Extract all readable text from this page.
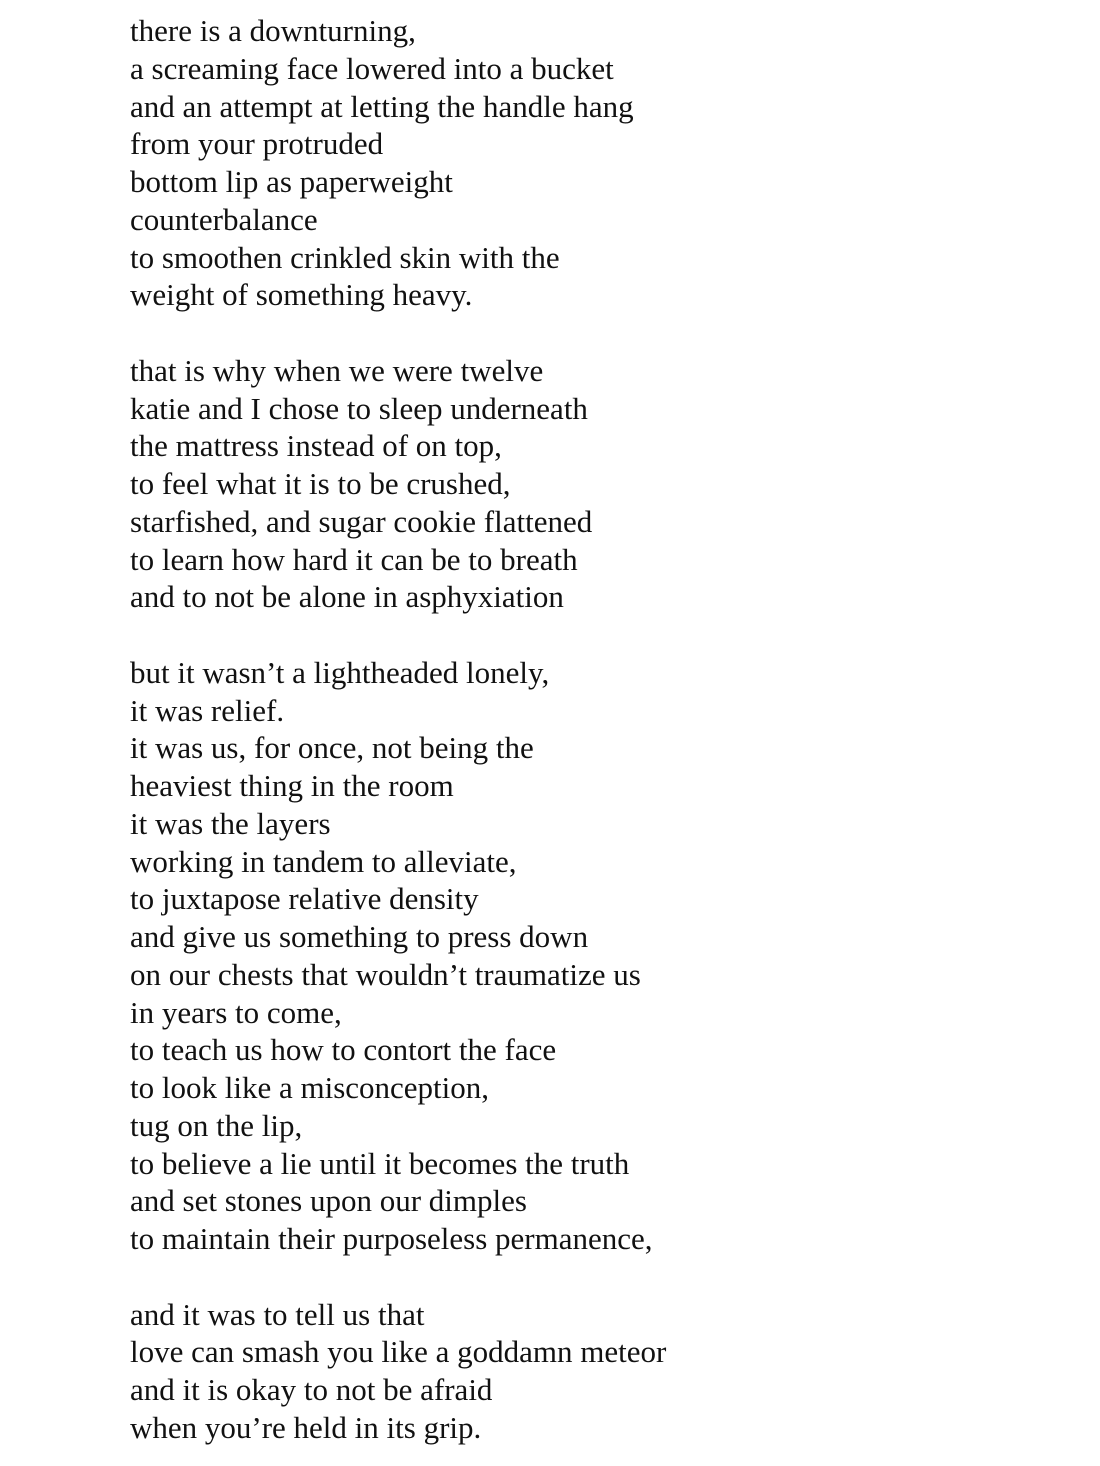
there is a downturning,
a screaming face lowered into a bucket
and an attempt at letting the handle hang
from your protruded
bottom lip as paperweight
counterbalance
to smoothen crinkled skin with the
weight of something heavy.
that is why when we were twelve
katie and I chose to sleep underneath
the mattress instead of on top,
to feel what it is to be crushed,
starfished, and sugar cookie flattened
to learn how hard it can be to breath
and to not be alone in asphyxiation
but it wasn’t a lightheaded lonely,
it was relief.
it was us, for once, not being the
heaviest thing in the room
it was the layers
working in tandem to alleviate,
to juxtapose relative density
and give us something to press down
on our chests that wouldn’t traumatize us
in years to come,
to teach us how to contort the face
to look like a misconception,
tug on the lip,
to believe a lie until it becomes the truth
and set stones upon our dimples
to maintain their purposeless permanence,
and it was to tell us that
love can smash you like a goddamn meteor
and it is okay to not be afraid
when you’re held in its grip.
